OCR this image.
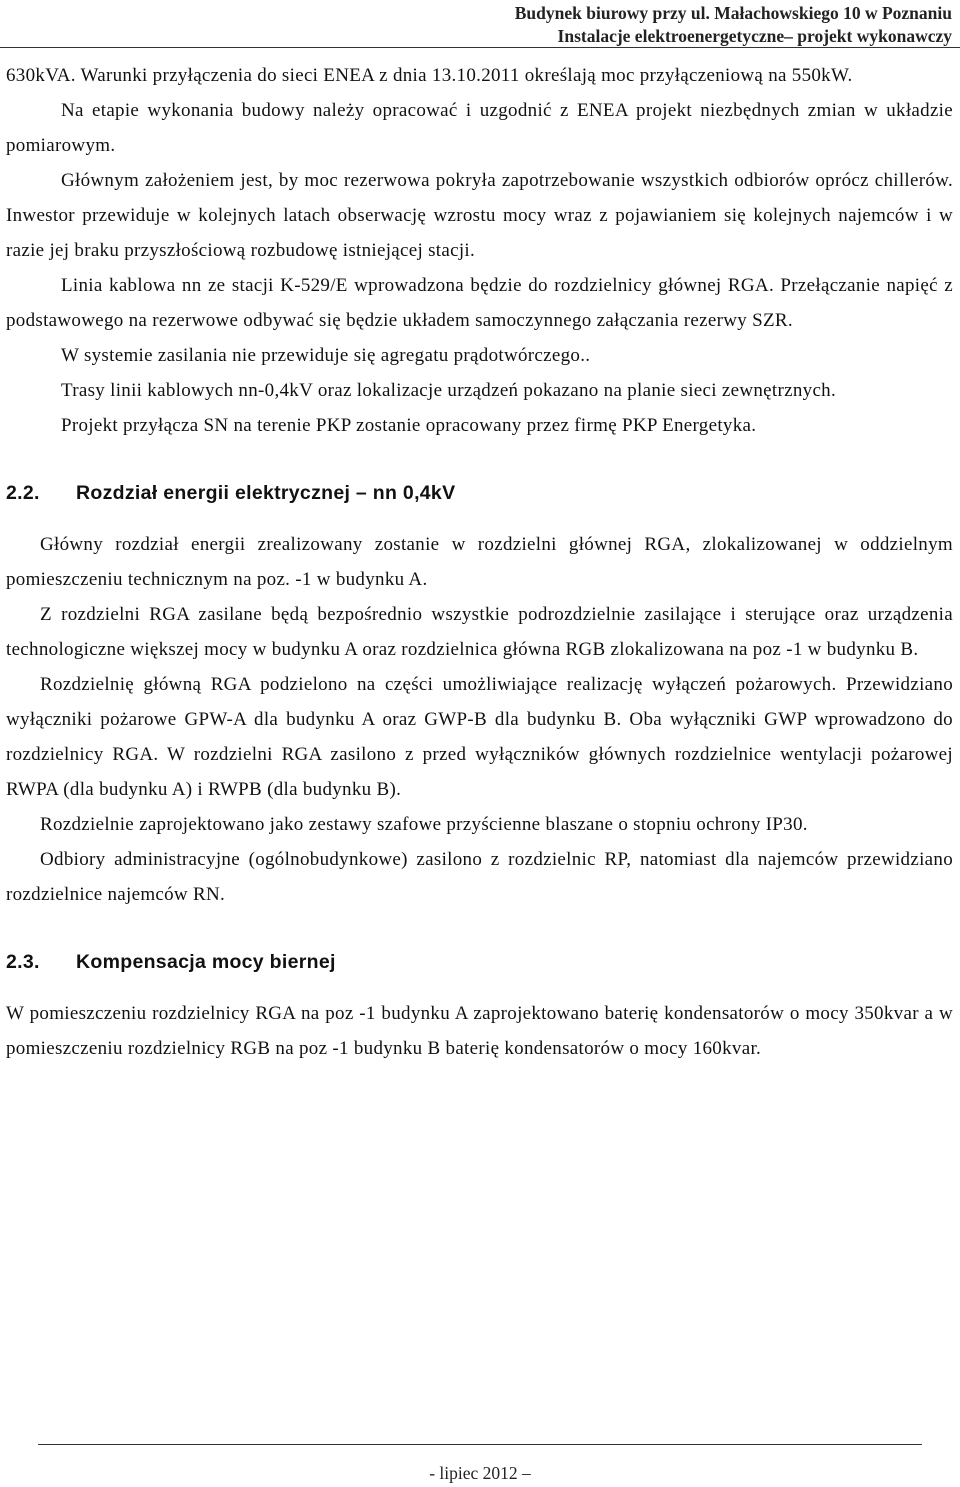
Budynek biurowy przy ul. Małachowskiego 10 w Poznaniu
Instalacje elektroenergetyczne– projekt wykonawczy

630kVA. Warunki przyłączenia do sieci ENEA z dnia 13.10.2011 określają moc przyłączeniową na 550kW.

Na etapie wykonania budowy należy opracować i uzgodnić z ENEA projekt niezbędnych zmian w układzie pomiarowym.

Głównym założeniem jest, by moc rezerwowa pokryła zapotrzebowanie wszystkich odbiorów oprócz chillerów. Inwestor przewiduje w kolejnych latach obserwację wzrostu mocy wraz z pojawianiem się kolejnych najemców i w razie jej braku przyszłościową rozbudowę istniejącej stacji.

Linia kablowa nn ze stacji K-529/E wprowadzona będzie do rozdzielnicy głównej RGA. Przełączanie napięć z podstawowego na rezerwowe odbywać się będzie układem samoczynnego załączania rezerwy SZR.

W systemie zasilania nie przewiduje się agregatu prądotwórczego..

Trasy linii kablowych nn-0,4kV oraz lokalizacje urządzeń pokazano na planie sieci zewnętrznych.

Projekt przyłącza SN na terenie PKP zostanie opracowany przez firmę PKP Energetyka.

2.2.	Rozdział energii elektrycznej – nn 0,4kV

Główny rozdział energii zrealizowany zostanie w rozdzielni głównej RGA, zlokalizowanej w oddzielnym pomieszczeniu technicznym na poz. -1 w budynku A.

Z rozdzielni RGA zasilane będą bezpośrednio wszystkie podrozdzielnie zasilające i sterujące oraz urządzenia technologiczne większej mocy w budynku A oraz rozdzielnica główna RGB zlokalizowana na poz -1 w budynku B.

Rozdzielnię główną RGA podzielono na części umożliwiające realizację wyłączeń pożarowych. Przewidziano wyłączniki pożarowe GPW-A dla budynku A oraz GWP-B dla budynku B. Oba wyłączniki GWP wprowadzono do rozdzielnicy RGA. W rozdzielni RGA zasilono z przed wyłączników głównych rozdzielnice wentylacji pożarowej RWPA (dla budynku A) i RWPB (dla budynku B).

Rozdzielnie zaprojektowano jako zestawy szafowe przyścienne blaszane o stopniu ochrony IP30.

Odbiory administracyjne (ogólnobudynkowe) zasilono z rozdzielnic RP, natomiast dla najemców przewidziano rozdzielnice najemców RN.

2.3.	Kompensacja mocy biernej

W pomieszczeniu rozdzielnicy RGA na poz -1 budynku A zaprojektowano baterię kondensatorów o mocy 350kvar a w pomieszczeniu rozdzielnicy RGB na poz -1 budynku B baterię kondensatorów o mocy 160kvar.

- lipiec 2012 –
